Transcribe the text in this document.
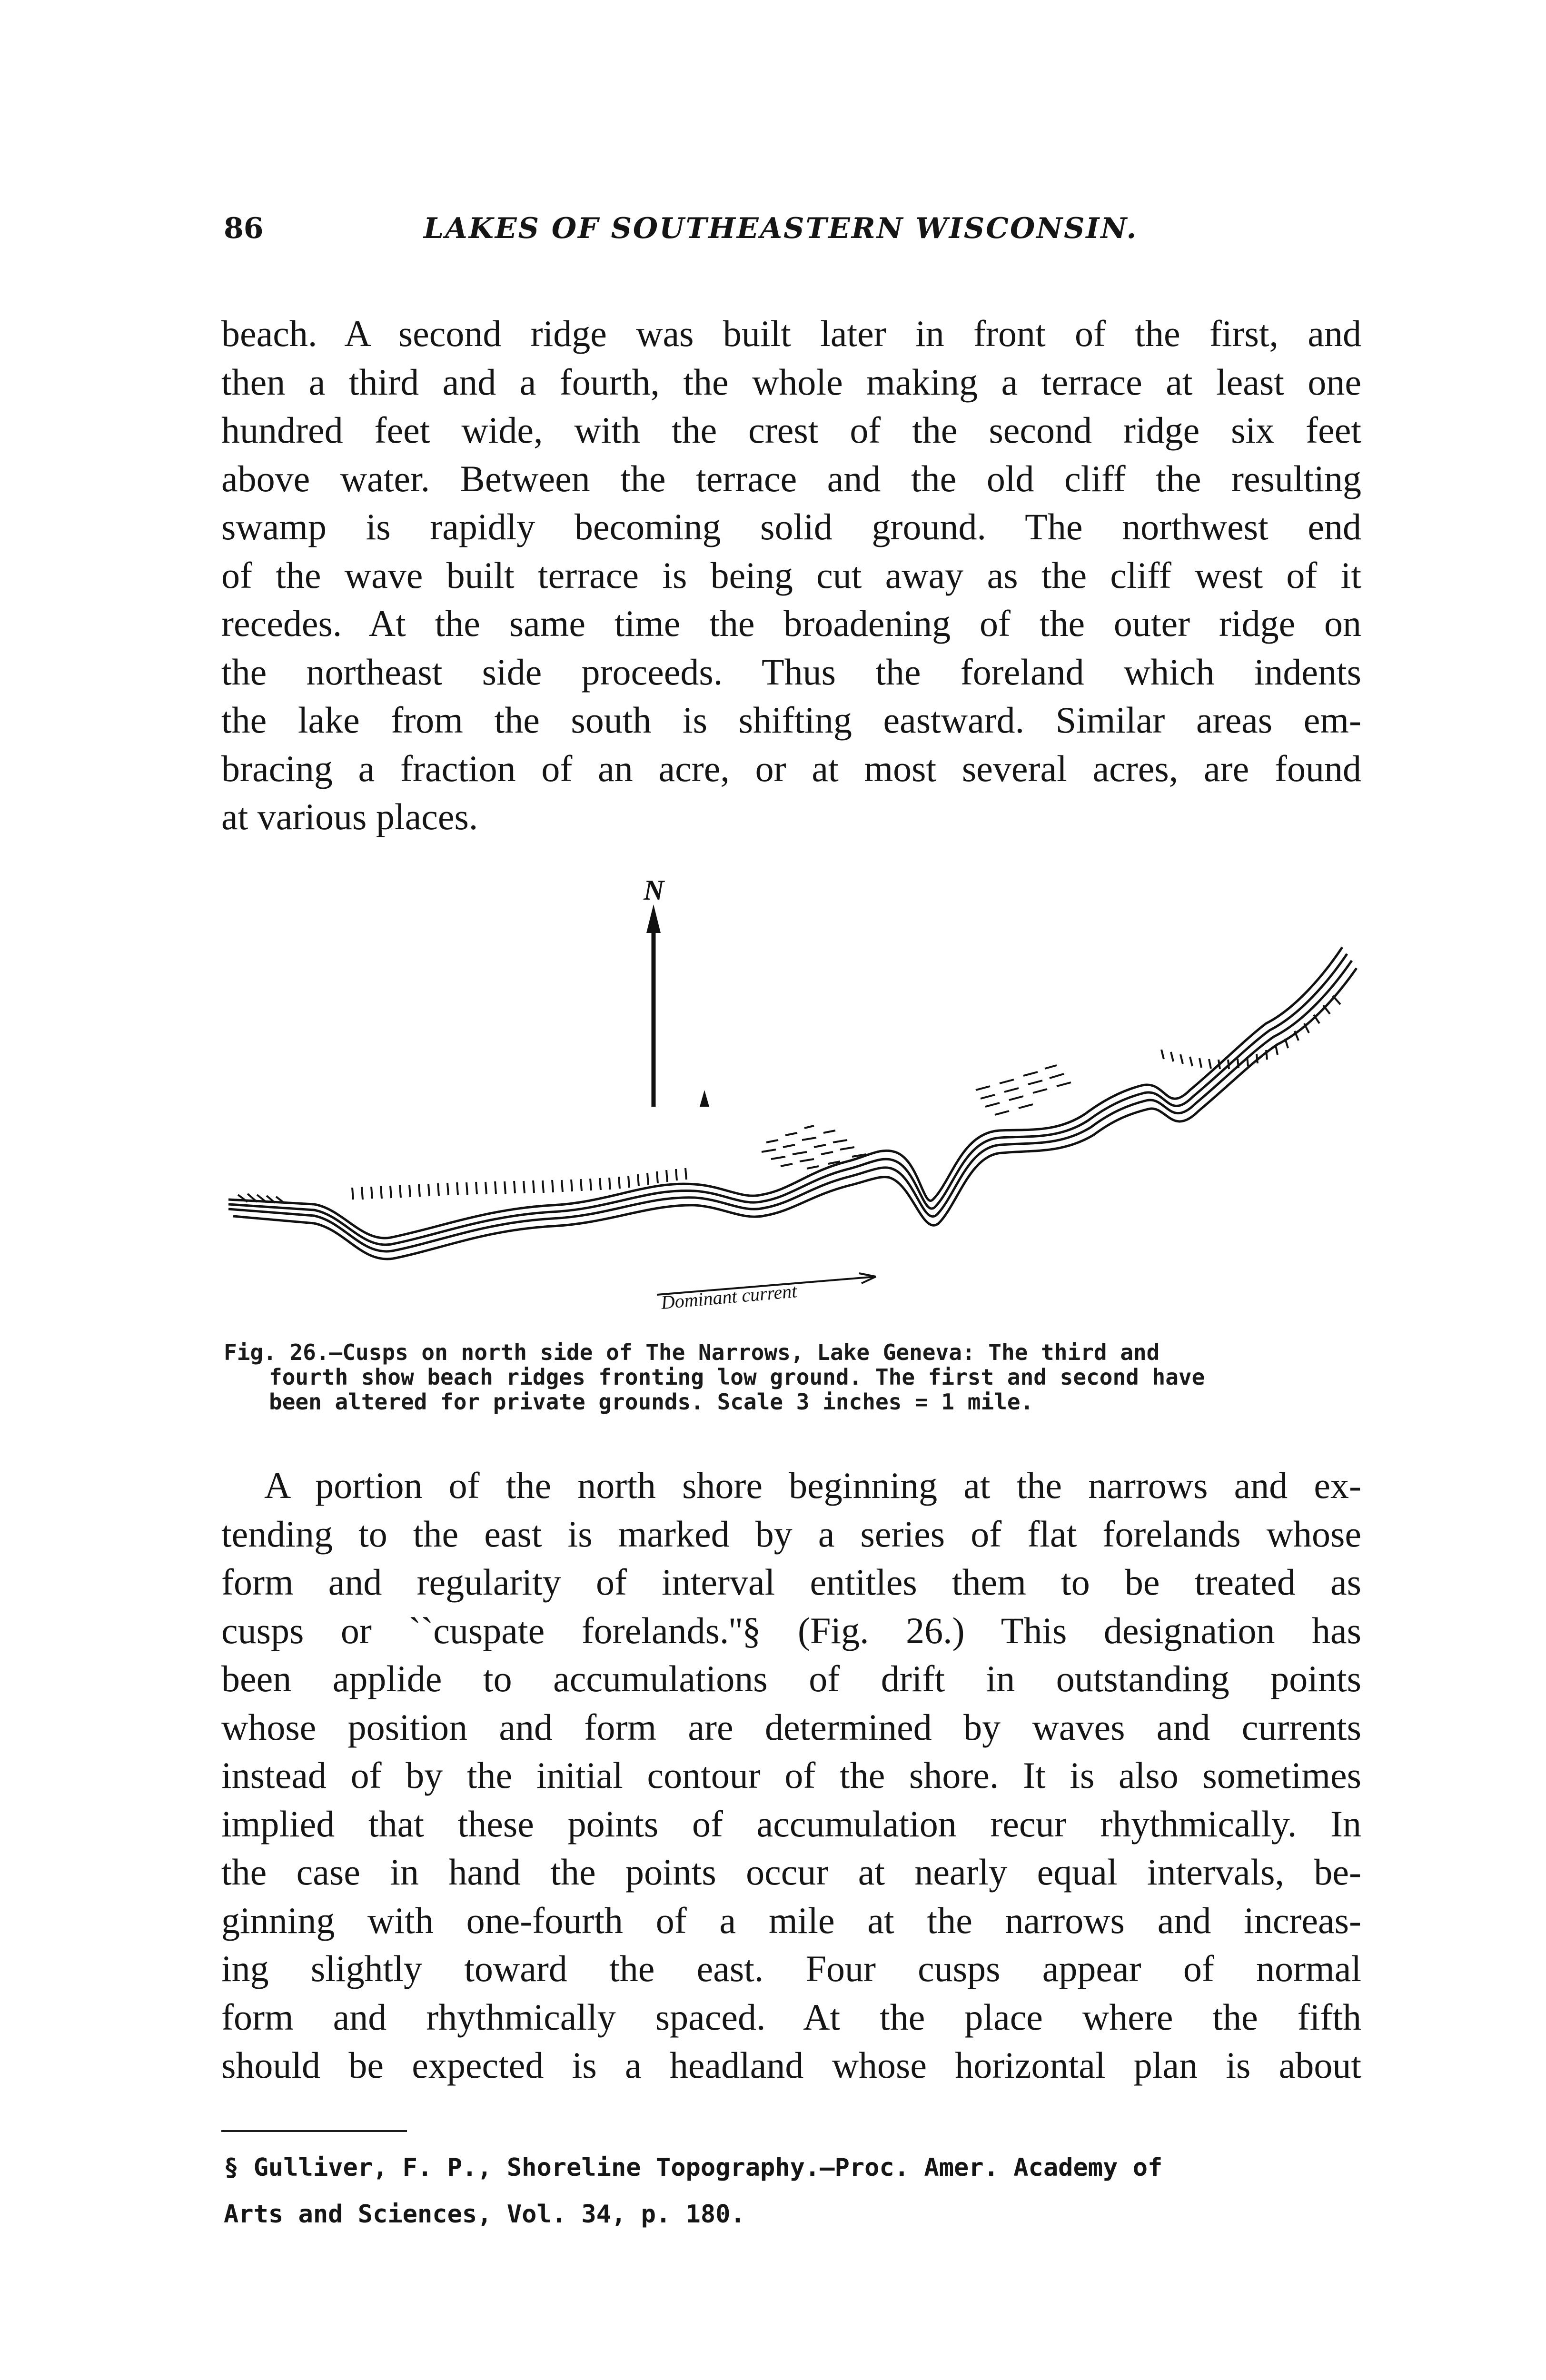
86	LAKES OF SOUTHEASTERN WISCONSIN.
beach. A second ridge was built later in front of the first, and
then a third and a fourth, the whole making a terrace at least one
hundred feet wide, with the crest of the second ridge six feet
above water. Between the terrace and the old cliff the resulting
swamp is rapidly becoming solid ground. The northwest end
of the wave built terrace is being cut away as the cliff west of it
recedes. At the same time the broadening of the outer ridge on
the northeast side proceeds. Thus the foreland which indents
the lake from the south is shifting eastward. Similar areas em-
bracing a fraction of an acre, or at most several acres, are found
at various places.
N
Dominant current
Fig. 26.—Cusps on north side of The Narrows, Lake Geneva: The third and
fourth show beach ridges fronting low ground. The first and second have
been altered for private grounds. Scale 3 inches = 1 mile.
A portion of the north shore beginning at the narrows and ex-
tending to the east is marked by a series of flat forelands whose
form and regularity of interval entitles them to be treated as
cusps or ``cuspate forelands.''§ (Fig. 26.) This designation has
been applide to accumulations of drift in outstanding points
whose position and form are determined by waves and currents
instead of by the initial contour of the shore. It is also sometimes
implied that these points of accumulation recur rhythmically. In
the case in hand the points occur at nearly equal intervals, be-
ginning with one-fourth of a mile at the narrows and increas-
ing slightly toward the east. Four cusps appear of normal
form and rhythmically spaced. At the place where the fifth
should be expected is a headland whose horizontal plan is about
§ Gulliver, F. P., Shoreline Topography.—Proc. Amer. Academy of
Arts and Sciences, Vol. 34, p. 180.
